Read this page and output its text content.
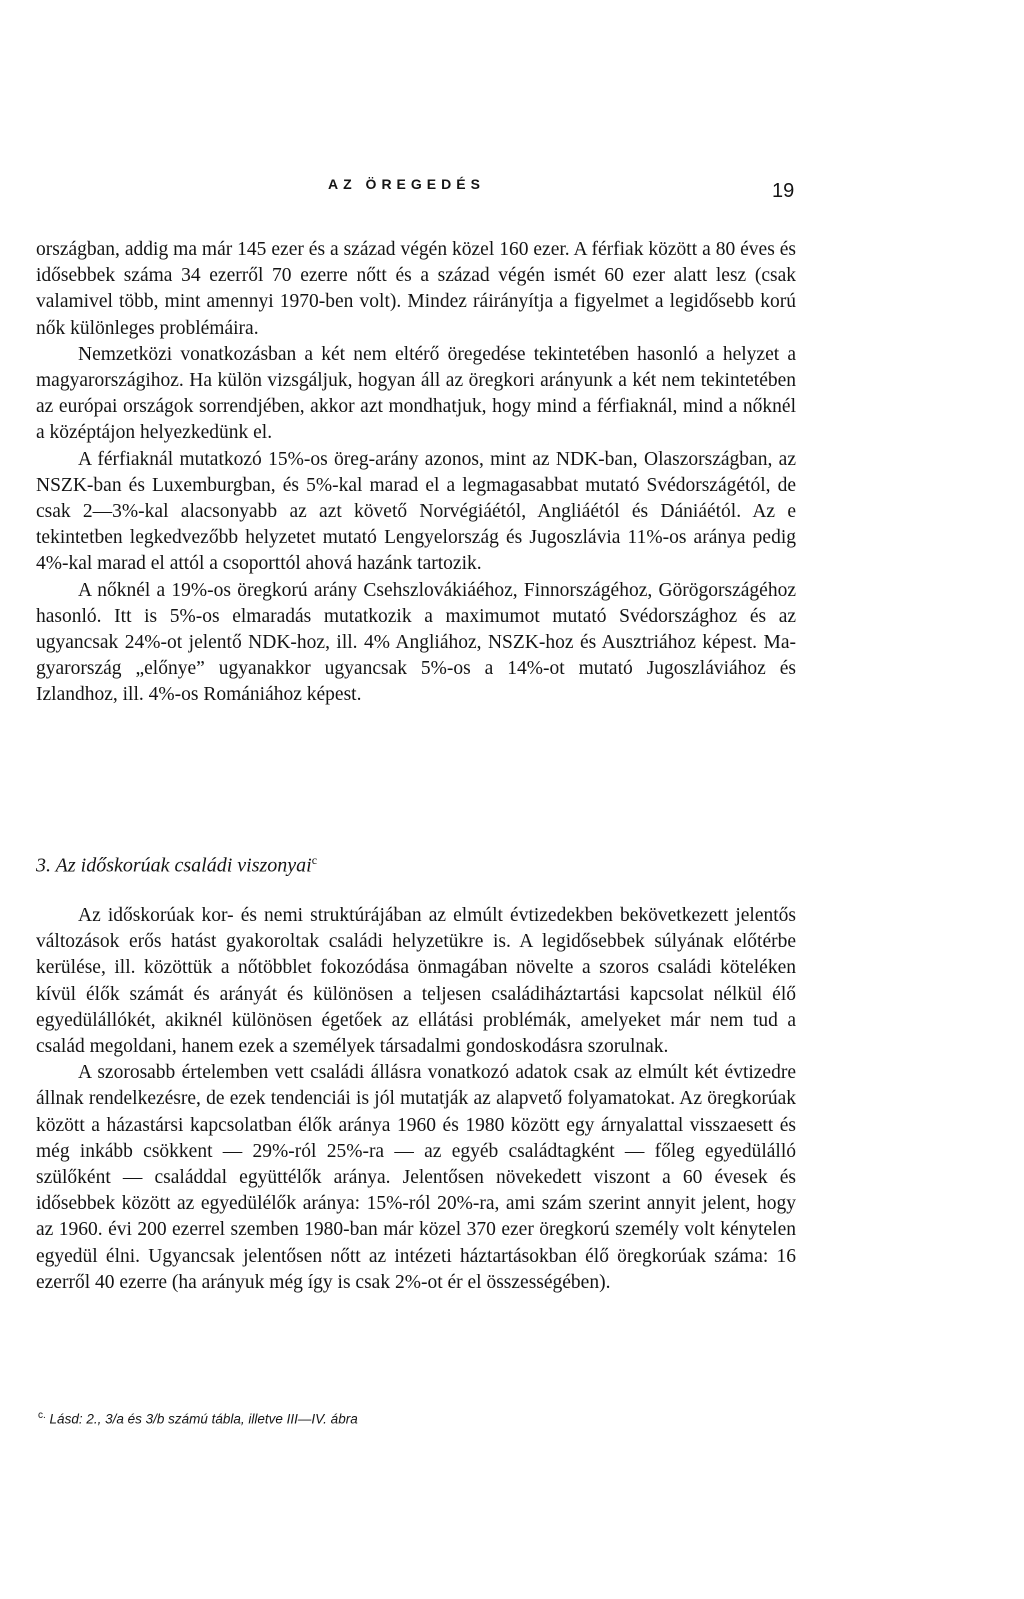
AZ ÖREGEDÉS	19

országban, addig ma már 145 ezer és a század végén közel 160 ezer. A férfiak között a 80 éves és idősebbek száma 34 ezerről 70 ezerre nőtt és a század végén ismét 60 ezer alatt lesz (csak valamivel több, mint amennyi 1970-ben volt). Mindez ráirányítja a figyelmet a legidősebb korú nők különleges problémáira.

Nemzetközi vonatkozásban a két nem eltérő öregedése tekintetében hasonló a helyzet a magyarországihoz. Ha külön vizsgáljuk, hogyan áll az öregkori arányunk a két nem tekintetében az európai országok sorrendjében, akkor azt mondhatjuk, hogy mind a férfiaknál, mind a nőknél a középtájon helyezkedünk el.

A férfiaknál mutatkozó 15%-os öreg-arány azonos, mint az NDK-ban, Olaszországban, az NSZK-ban és Luxemburgban, és 5%-kal marad el a legmagasabbat mutató Svédországétól, de csak 2—3%-kal alacsonyabb az azt követő Norvégiáétól, Angliáétól és Dániáétól. Az e tekintetben legkedvezőbb helyzetet mutató Lengyelország és Jugoszlávia 11%-os aránya pedig 4%-kal marad el attól a csoporttól ahová hazánk tartozik.

A nőknél a 19%-os öregkorú arány Csehszlovákiáéhoz, Finnországéhoz, Görögországéhoz hasonló. Itt is 5%-os elmaradás mutatkozik a maximumot mutató Svédországhoz és az ugyancsak 24%-ot jelentő NDK-hoz, ill. 4% Angliához, NSZK-hoz és Ausztriához képest. Magyarország „előnye” ugyanakkor ugyancsak 5%-os a 14%-ot mutató Jugoszláviához és Izlandhoz, ill. 4%-os Romániához képest.

3. Az időskorúak családi viszonyai$^c$

Az időskorúak kor- és nemi struktúrájában az elmúlt évtizedekben bekövetkezett jelentős változások erős hatást gyakoroltak családi helyzetükre is. A legidősebbek súlyának előtérbe kerülése, ill. közöttük a nőtöbblet fokozódása önmagában növelte a szoros családi köteléken kívül élők számát és arányát és különösen a teljesen családiháztartási kapcsolat nélkül élő egyedülállókét, akiknél különösen égetőek az ellátási problémák, amelyeket már nem tud a család megoldani, hanem ezek a személyek társadalmi gondoskodásra szorulnak.

A szorosabb értelemben vett családi állásra vonatkozó adatok csak az elmúlt két évtizedre állnak rendelkezésre, de ezek tendenciái is jól mutatják az alapvető folyamatokat. Az öregkorúak között a házastársi kapcsolatban élők aránya 1960 és 1980 között egy árnyalattal visszaesett és még inkább csökkent — 29%-ról 25%-ra — az egyéb családtagként — főleg egyedülálló szülőként — családdal együttélők aránya. Jelentősen növekedett viszont a 60 évesek és idősebbek között az egyedülélők aránya: 15%-ról 20%-ra, ami szám szerint annyit jelent, hogy az 1960. évi 200 ezerrel szemben 1980-ban már közel 370 ezer öregkorú személy volt kénytelen egyedül élni. Ugyancsak jelentősen nőtt az intézeti háztartásokban élő öregkorúak száma: 16 ezerről 40 ezerre (ha arányuk még így is csak 2%-ot ér el összességében).

$^{c.}$ Lásd: 2., 3/a és 3/b számú tábla, illetve III—IV. ábra
